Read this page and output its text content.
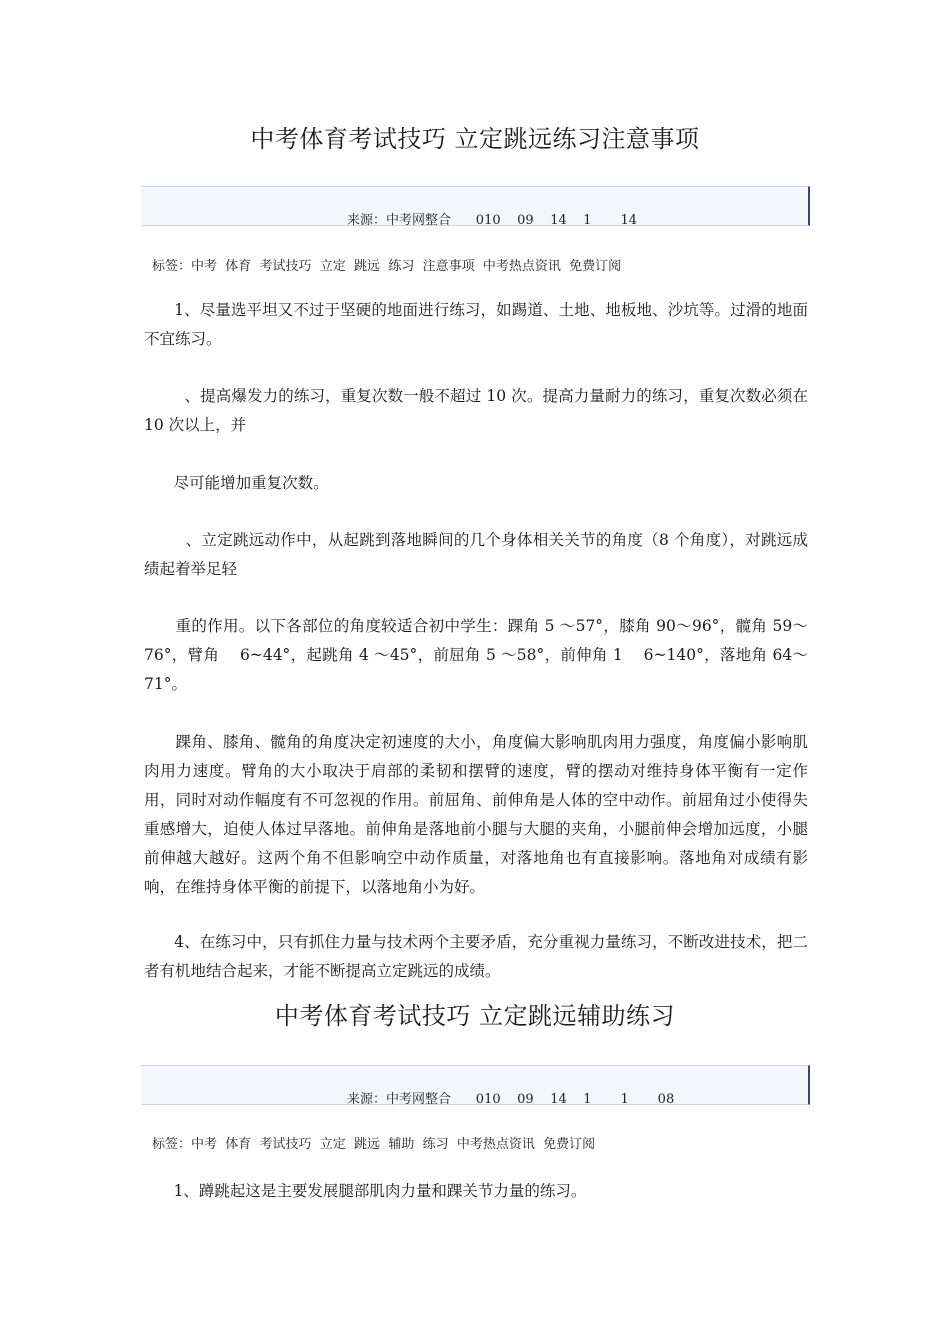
中考体育考试技巧 立定跳远练习注意事项
来源：中考网整合      010    09    14    1       14
标签：中考  体育  考试技巧  立定  跳远  练习  注意事项  中考热点资讯  免费订阅

1、尽量选平坦又不过于坚硬的地面进行练习，如踢道、土地、地板地、沙坑等。过滑的地面不宜练习。

、提高爆发力的练习，重复次数一般不超过 10 次。提高力量耐力的练习，重复次数必须在 10 次以上，并

尽可能增加重复次数。

、立定跳远动作中，从起跳到落地瞬间的几个身体相关关节的角度（8 个角度），对跳远成绩起着举足轻

重的作用。以下各部位的角度较适合初中学生：踝角 5 ～57°，膝角 90～96°，髋角 59～76°，臂角    6~44°，起跳角 4 ～45°，前屈角 5 ～58°，前伸角 1    6~140°，落地角 64～71°。

踝角、膝角、髋角的角度决定初速度的大小，角度偏大影响肌肉用力强度，角度偏小影响肌肉用力速度。臂角的大小取决于肩部的柔韧和摆臂的速度，臂的摆动对维持身体平衡有一定作用，同时对动作幅度有不可忽视的作用。前屈角、前伸角是人体的空中动作。前屈角过小使得失重感增大，迫使人体过早落地。前伸角是落地前小腿与大腿的夹角，小腿前伸会增加远度，小腿前伸越大越好。这两个角不但影响空中动作质量，对落地角也有直接影响。落地角对成绩有影响，在维持身体平衡的前提下，以落地角小为好。

4、在练习中，只有抓住力量与技术两个主要矛盾，充分重视力量练习，不断改进技术，把二者有机地结合起来，才能不断提高立定跳远的成绩。

中考体育考试技巧 立定跳远辅助练习
来源：中考网整合      010    09    14    1       1       08
标签：中考  体育  考试技巧  立定  跳远  辅助  练习  中考热点资讯  免费订阅

1、蹲跳起这是主要发展腿部肌肉力量和踝关节力量的练习。
